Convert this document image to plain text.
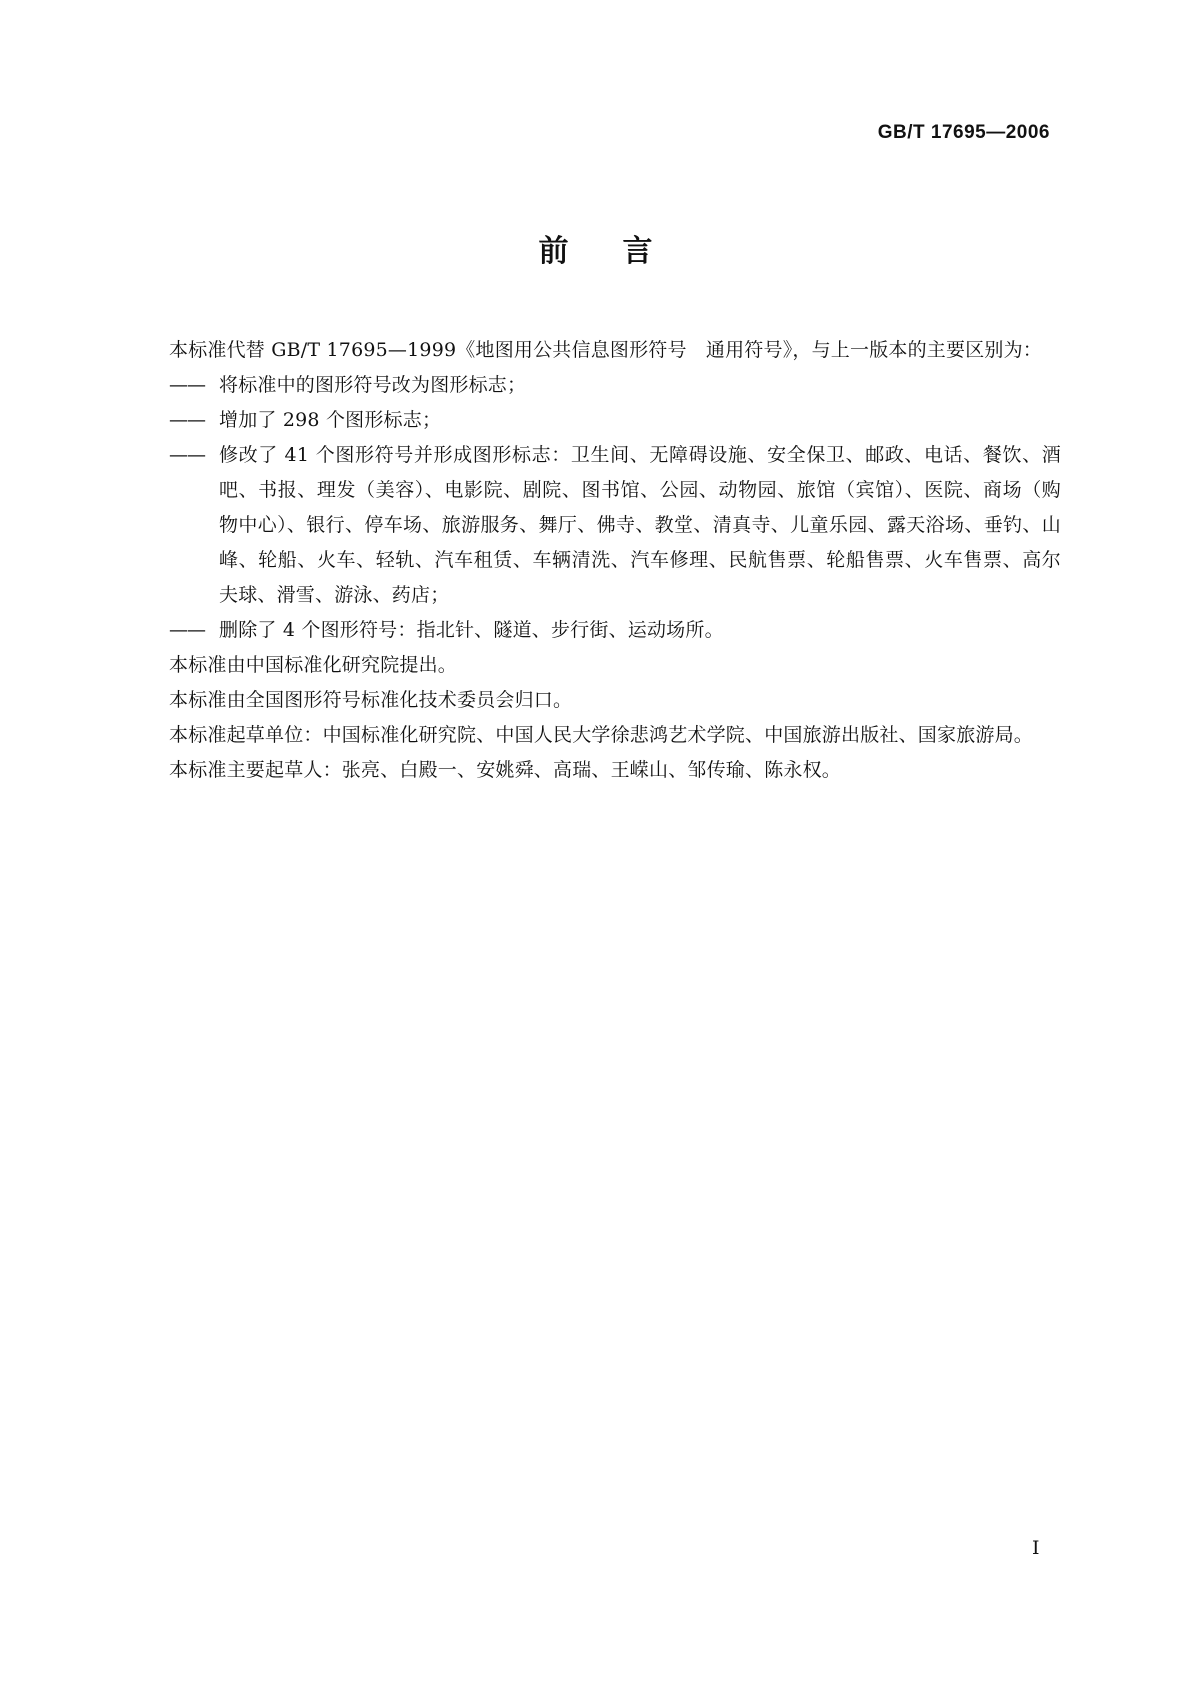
GB/T 17695—2006
前 言

本标准代替 GB/T 17695—1999《地图用公共信息图形符号　通用符号》，与上一版本的主要区别为：

—— 将标准中的图形符号改为图形标志；

—— 增加了 298 个图形标志；

—— 修改了 41 个图形符号并形成图形标志：卫生间、无障碍设施、安全保卫、邮政、电话、餐饮、酒吧、书报、理发（美容）、电影院、剧院、图书馆、公园、动物园、旅馆（宾馆）、医院、商场（购物中心）、银行、停车场、旅游服务、舞厅、佛寺、教堂、清真寺、儿童乐园、露天浴场、垂钓、山峰、轮船、火车、轻轨、汽车租赁、车辆清洗、汽车修理、民航售票、轮船售票、火车售票、高尔夫球、滑雪、游泳、药店；

—— 删除了 4 个图形符号：指北针、隧道、步行街、运动场所。

本标准由中国标准化研究院提出。

本标准由全国图形符号标准化技术委员会归口。

本标准起草单位：中国标准化研究院、中国人民大学徐悲鸿艺术学院、中国旅游出版社、国家旅游局。

本标准主要起草人：张亮、白殿一、安姚舜、高瑞、王嵘山、邹传瑜、陈永权。

I
